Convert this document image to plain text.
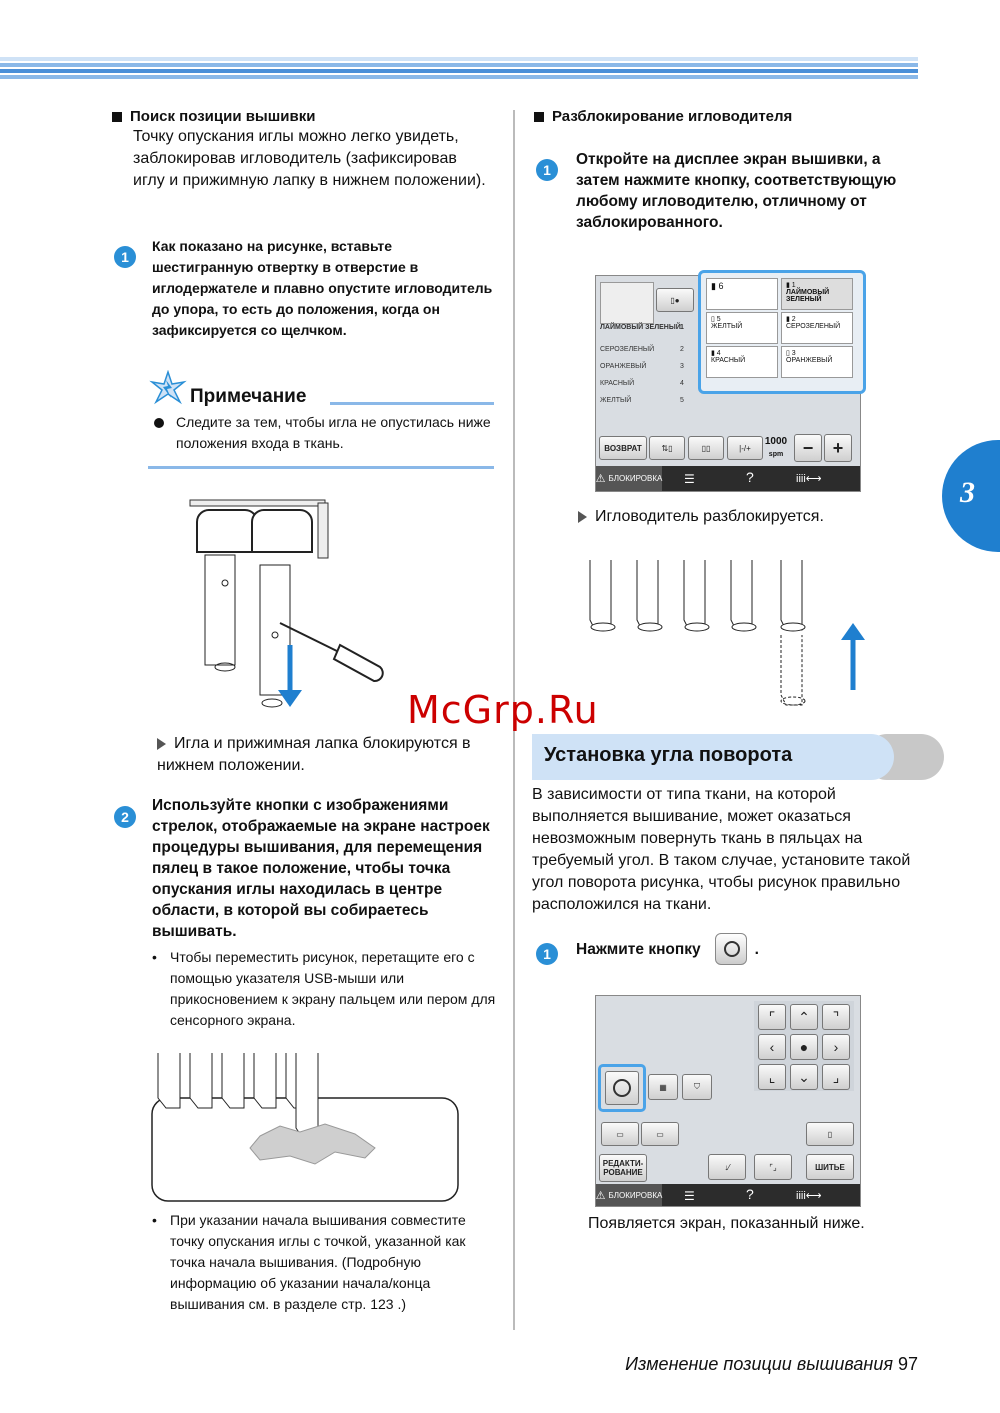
Поиск позиции вышивки
Точку опускания иглы можно легко увидеть, заблокировав игловодитель (зафиксировав иглу и прижимную лапку в нижнем положении).
1
Как показано на рисунке, вставьте шестигранную отвертку в отверстие в иглодержателе и плавно опустите игловодитель до упора, то есть до положения, когда он зафиксируется со щелчком.
Примечание
Следите за тем, чтобы игла не опустилась ниже положения входа в ткань.
Игла и прижимная лапка блокируются в нижнем положении.
2
Используйте кнопки с изображениями стрелок, отображаемые на экране настроек процедуры вышивания, для перемещения пялец в такое положение, чтобы точка опускания иглы находилась в центре области, в которой вы собираетесь вышивать.
• Чтобы переместить рисунок, перетащите его с помощью указателя USB-мыши или прикосновением к экрану пальцем или пером для сенсорного экрана.
• При указании начала вышивания совместите точку опускания иглы с точкой, указанной как точка начала вышивания. (Подробную информацию об указании начала/конца вышивания см. в разделе стр. 123 .)
Разблокирование игловодителя
1
Откройте на дисплее экран вышивки, а затем нажмите кнопку, соответствующую любому игловодителю, отличному от заблокированного.
▯●
ЛАЙМОВЫЙ ЗЕЛЕНЫЙ 1
СЕРОЗЕЛЕНЫЙ	2
ОРАНЖЕВЫЙ	3
КРАСНЫЙ	4
ЖЕЛТЫЙ	5
▮ 6	▮ 1
ЛАЙМОВЫЙ ЗЕЛЕНЫЙ
▯ 5
ЖЕЛТЫЙ
▮ 2
СЕРОЗЕЛЕНЫЙ
▮ 4
КРАСНЫЙ
▯ 3
ОРАНЖЕВЫЙ
ВОЗВРАТ	⇅▯	▯▯	|-/+
1000
spm	−	+
⚠ БЛОКИРОВКА ☰	?	iiii⟷
Игловодитель разблокируется.
McGrp.Ru
Установка угла поворота
В зависимости от типа ткани, на которой выполняется вышивание, может оказаться невозможным повернуть ткань в пяльцах на требуемый угол. В таком случае, установите такой угол поворота рисунка, чтобы рисунок правильно расположился на ткани.
1	Нажмите кнопку	.
⌜	⌃	⌝
‹	●	›
⌞	⌄	⌟
▦	⛉
▭	▭	▯
РЕДАКТИ-
РОВАНИЕ
↓⁄	⌜⌟	ШИТЬЕ
⚠ БЛОКИРОВКА ☰	?	iiii⟷
Появляется экран, показанный ниже.
3
Изменение позиции вышивания 97
